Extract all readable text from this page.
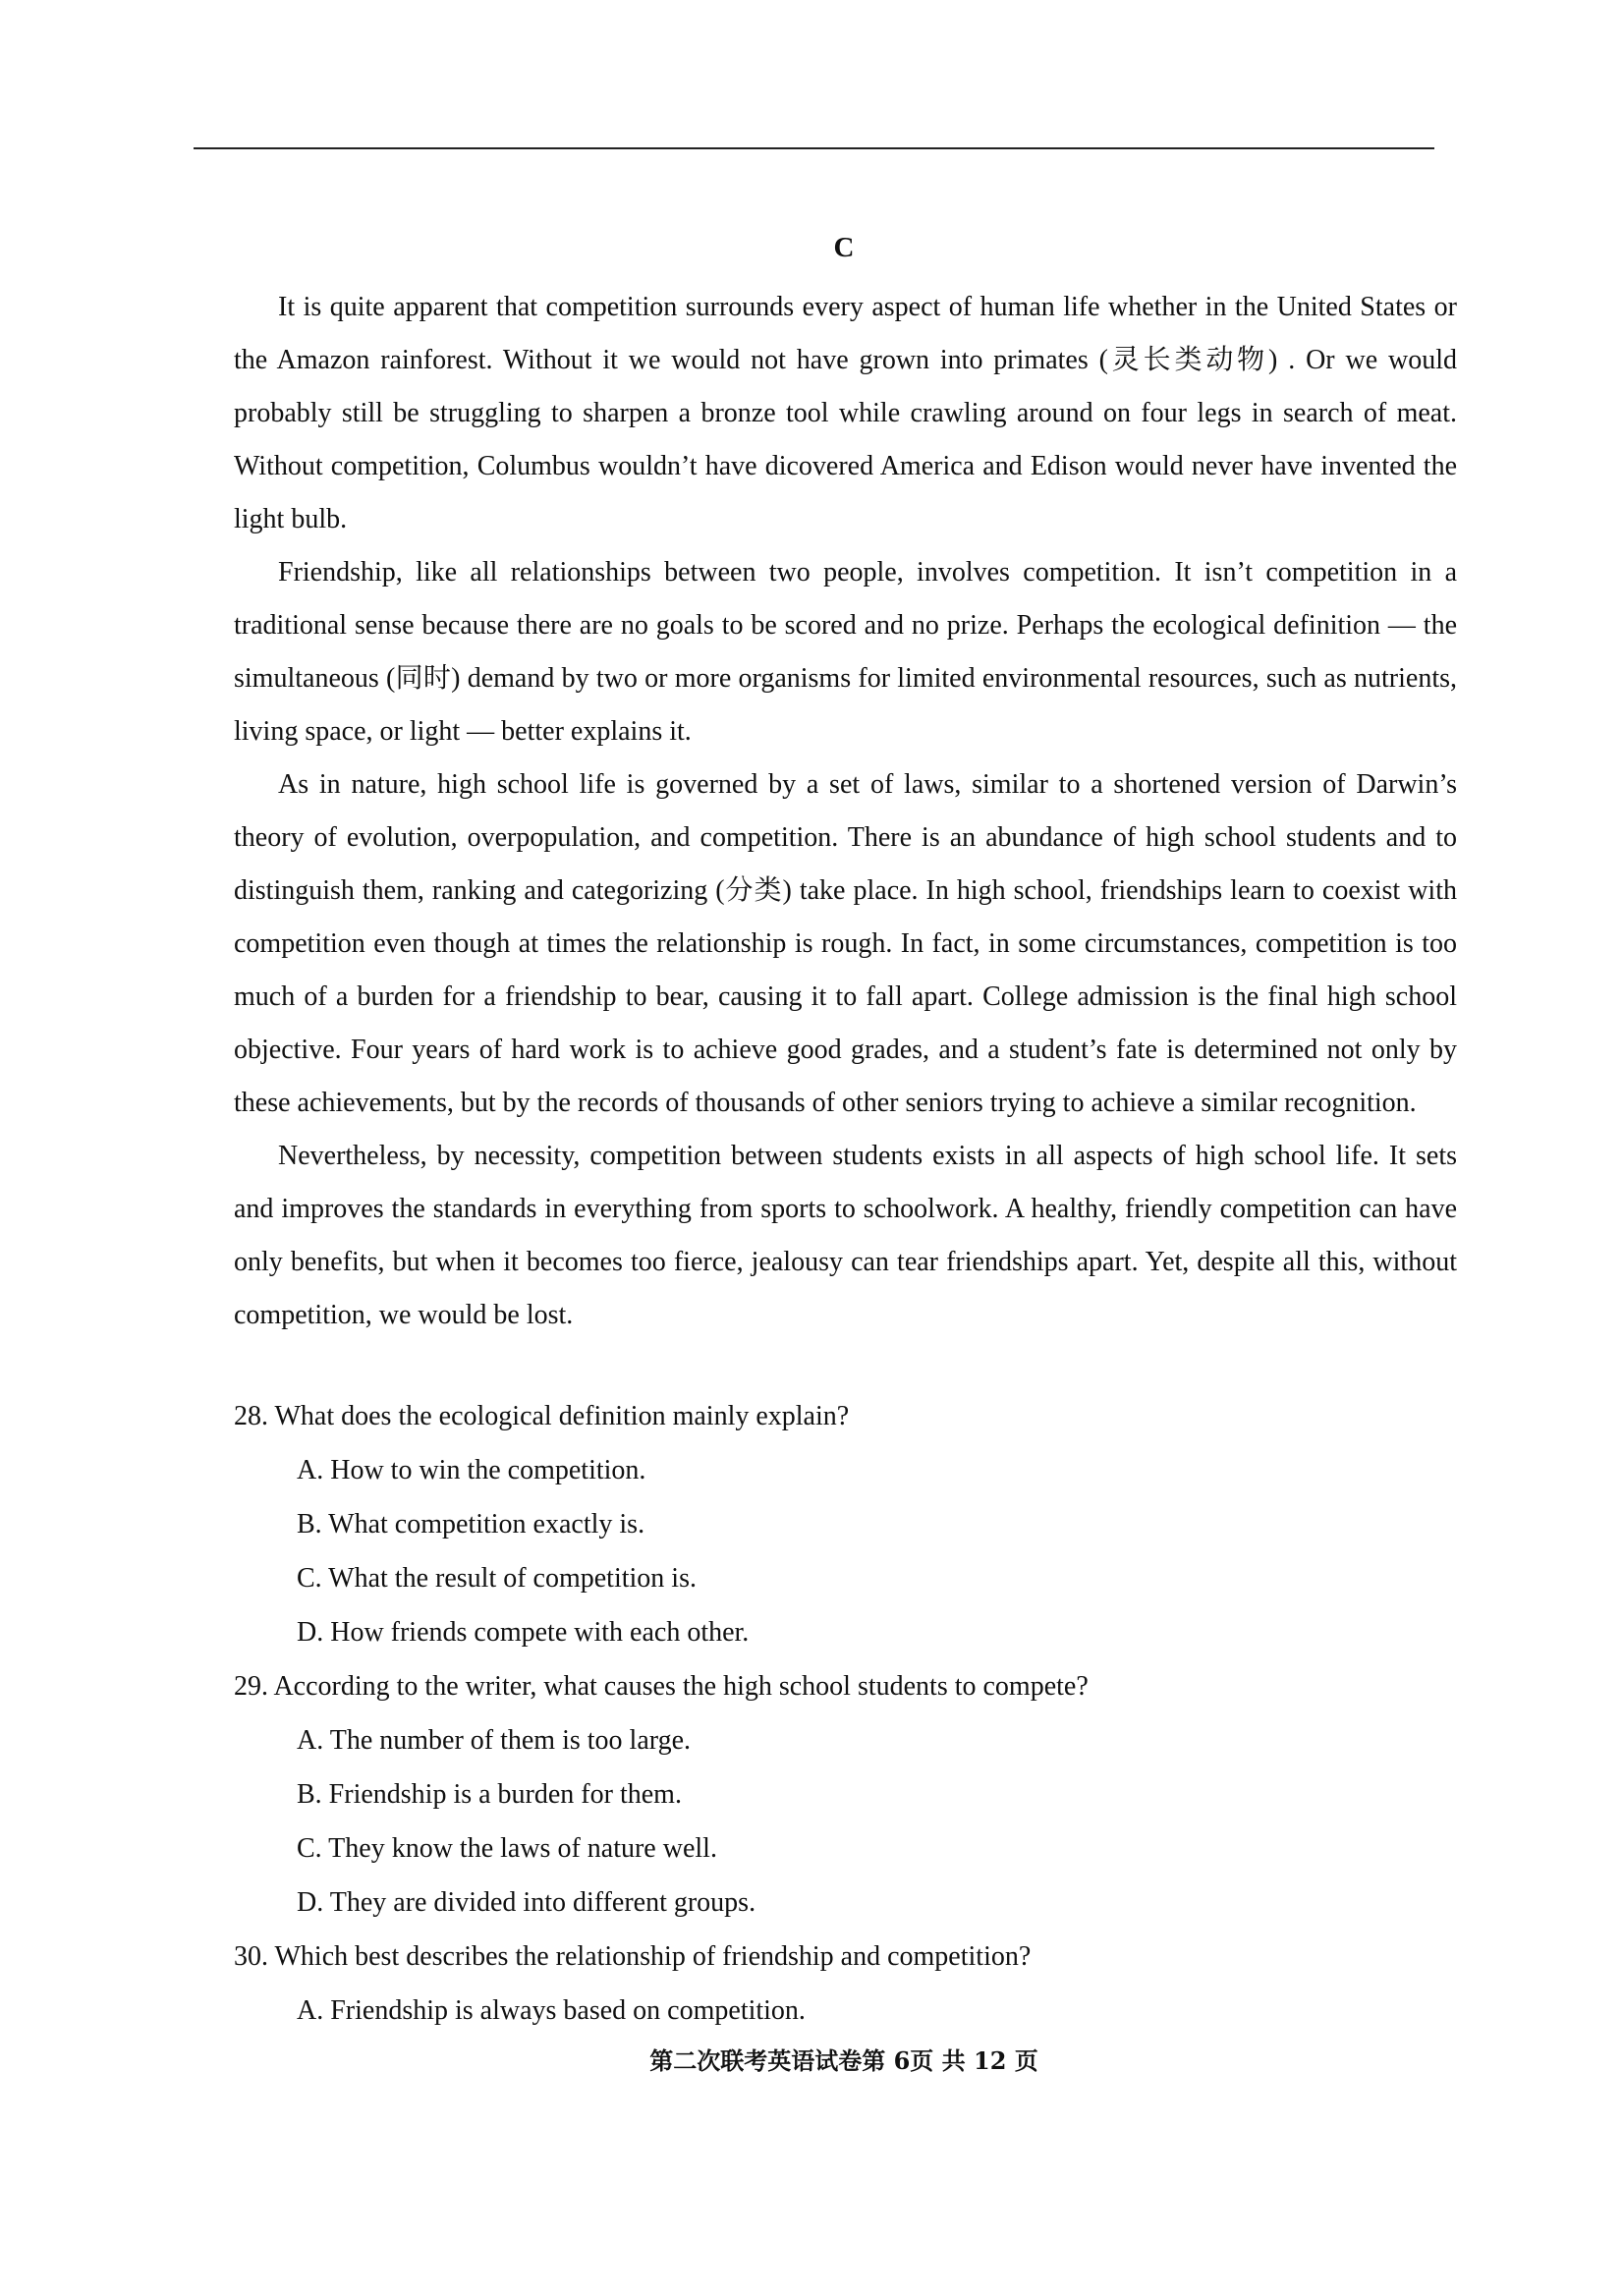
C

It is quite apparent that competition surrounds every aspect of human life whether in the United States or the Amazon rainforest. Without it we would not have grown into primates (灵长类动物) . Or we would probably still be struggling to sharpen a bronze tool while crawling around on four legs in search of meat. Without competition, Columbus wouldn’t have dicovered America and Edison would never have invented the light bulb.

Friendship, like all relationships between two people, involves competition. It isn’t competition in a traditional sense because there are no goals to be scored and no prize. Perhaps the ecological definition — the simultaneous (同时) demand by two or more organisms for limited environmental resources, such as nutrients, living space, or light — better explains it.

As in nature, high school life is governed by a set of laws, similar to a shortened version of Darwin’s theory of evolution, overpopulation, and competition. There is an abundance of high school students and to distinguish them, ranking and categorizing (分类) take place. In high school, friendships learn to coexist with competition even though at times the relationship is rough. In fact, in some circumstances, competition is too much of a burden for a friendship to bear, causing it to fall apart. College admission is the final high school objective. Four years of hard work is to achieve good grades, and a student’s fate is determined not only by these achievements, but by the records of thousands of other seniors trying to achieve a similar recognition.

Nevertheless, by necessity, competition between students exists in all aspects of high school life. It sets and improves the standards in everything from sports to schoolwork. A healthy, friendly competition can have only benefits, but when it becomes too fierce, jealousy can tear friendships apart. Yet, despite all this, without competition, we would be lost.

28. What does the ecological definition mainly explain?

A. How to win the competition.

B. What competition exactly is.

C. What the result of competition is.

D. How friends compete with each other.

29. According to the writer, what causes the high school students to compete?

A. The number of them is too large.

B. Friendship is a burden for them.

C. They know the laws of nature well.

D. They are divided into different groups.

30. Which best describes the relationship of friendship and competition?

A. Friendship is always based on competition.

第二次联考英语试卷第 6页 共 12 页
